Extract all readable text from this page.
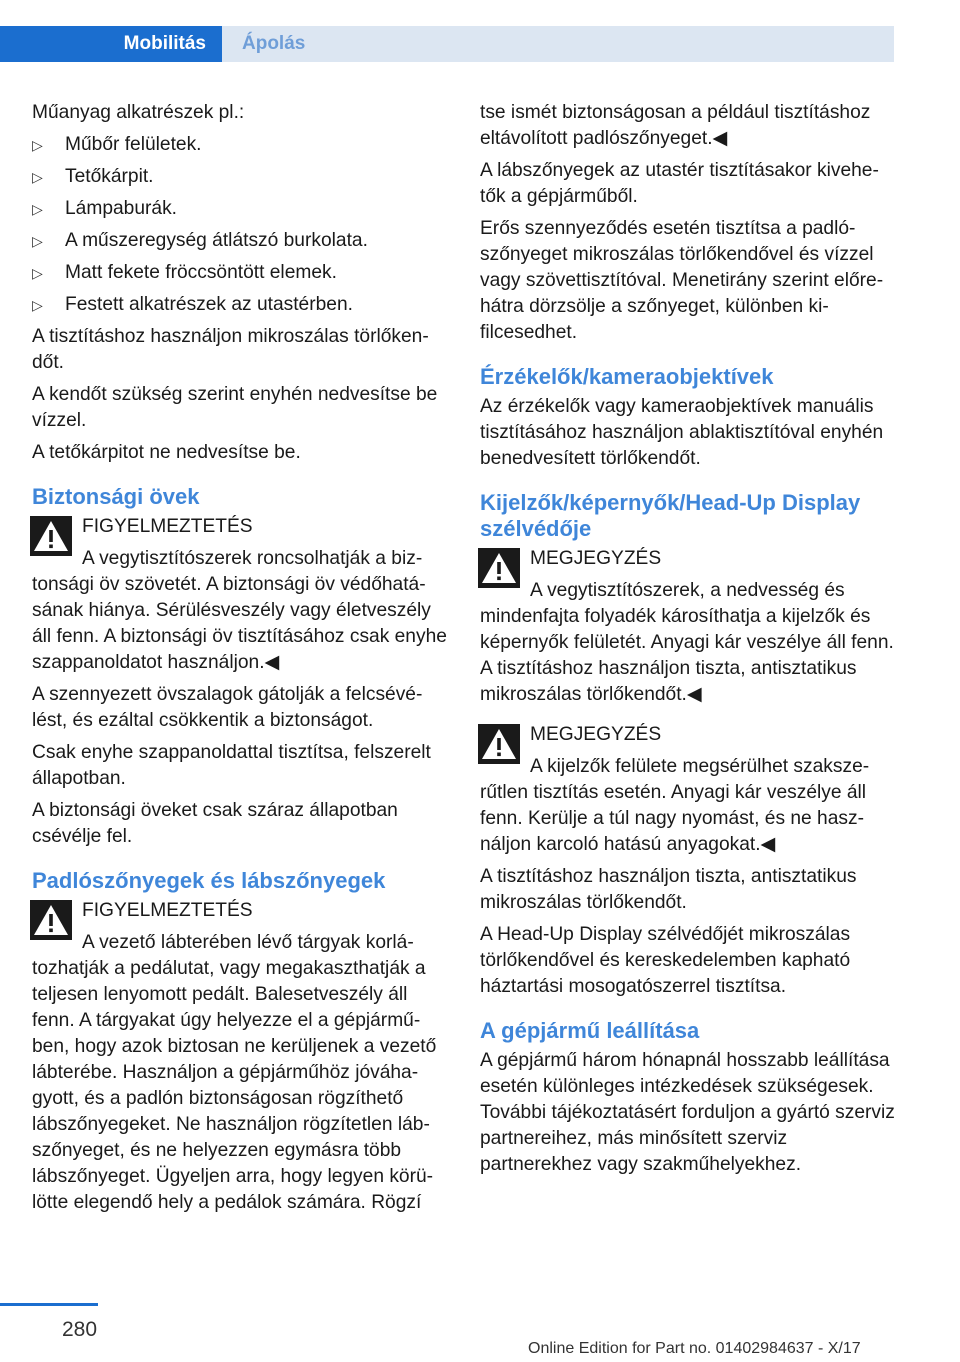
Mobilitás	Ápolás

Műanyag alkatrészek pl.:

▷ Műbőr felületek.
▷ Tetőkárpit.
▷ Lámpaburák.
▷ A műszeregység átlátszó burkolata.
▷ Matt fekete fröccsöntött elemek.
▷ Festett alkatrészek az utastérben.

A tisztításhoz használjon mikroszálas törlőkendőt.

A kendőt szükség szerint enyhén nedvesítse be vízzel.

A tetőkárpitot ne nedvesítse be.

Biztonsági övek
FIGYELMEZTETÉS
A vegytisztítószerek roncsolhatják a biztonsági öv szövetét. A biztonsági öv védőhatásának hiánya. Sérülésveszély vagy életveszély áll fenn. A biztonsági öv tisztításához csak enyhe szappanoldatot használjon.◀

A szennyezett övszalagok gátolják a felcsévélést, és ezáltal csökkentik a biztonságot.

Csak enyhe szappanoldattal tisztítsa, felszerelt állapotban.

A biztonsági öveket csak száraz állapotban csévélje fel.

Padlószőnyegek és lábszőnyegek
FIGYELMEZTETÉS
A vezető lábterében lévő tárgyak korlátozhatják a pedálutat, vagy megakaszthatják a teljesen lenyomott pedált. Balesetveszély áll fenn. A tárgyakat úgy helyezze el a gépjárműben, hogy azok biztosan ne kerüljenek a vezető lábterébe. Használjon a gépjárműhöz jóváhagyott, és a padlón biztonságosan rögzíthető lábszőnyegeket. Ne használjon rögzítetlen lábszőnyeget, és ne helyezzen egymásra több lábszőnyeget. Ügyeljen arra, hogy legyen körülötte elegendő hely a pedálok számára. Rögzí

tse ismét biztonságosan a például tisztításhoz eltávolított padlószőnyeget.◀

A lábszőnyegek az utastér tisztításakor kivehetők a gépjárműből.

Erős szennyeződés esetén tisztítsa a padlószőnyeget mikroszálas törlőkendővel és vízzel vagy szövettisztítóval. Menetirány szerint előre-hátra dörzsölje a szőnyeget, különben kifilcesedhet.

Érzékelők/kameraobjektívek

Az érzékelők vagy kameraobjektívek manuális tisztításához használjon ablaktisztítóval enyhén benedvesített törlőkendőt.

Kijelzők/képernyők/Head-Up Display szélvédője
MEGJEGYZÉS
A vegytisztítószerek, a nedvesség és mindenfajta folyadék károsíthatja a kijelzők és képernyők felületét. Anyagi kár veszélye áll fenn. A tisztításhoz használjon tiszta, antisztatikus mikroszálas törlőkendőt.◀
MEGJEGYZÉS
A kijelzők felülete megsérülhet szakszerűtlen tisztítás esetén. Anyagi kár veszélye áll fenn. Kerülje a túl nagy nyomást, és ne használjon karcoló hatású anyagokat.◀

A tisztításhoz használjon tiszta, antisztatikus mikroszálas törlőkendőt.

A Head-Up Display szélvédőjét mikroszálas törlőkendővel és kereskedelemben kapható háztartási mosogatószerrel tisztítsa.

A gépjármű leállítása

A gépjármű három hónapnál hosszabb leállítása esetén különleges intézkedések szükségesek. További tájékoztatásért forduljon a gyártó szerviz partnereihez, más minősített szerviz partnerekhez vagy szakműhelyekhez.

280
Online Edition for Part no. 01402984637 - X/17
